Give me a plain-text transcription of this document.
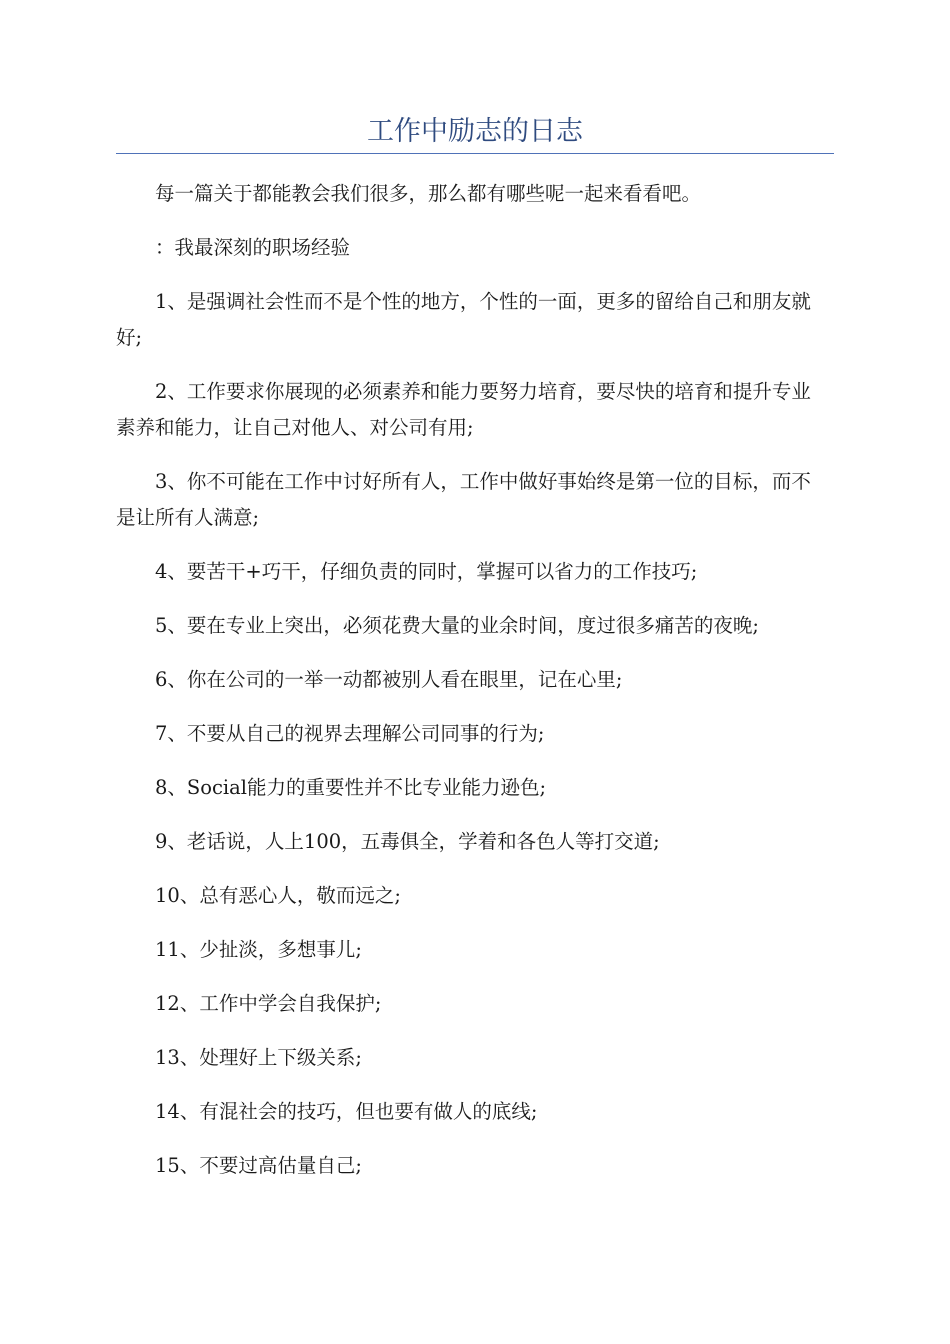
工作中励志的日志

每一篇关于都能教会我们很多，那么都有哪些呢一起来看看吧。

：我最深刻的职场经验

1、是强调社会性而不是个性的地方，个性的一面，更多的留给自己和朋友就好;

2、工作要求你展现的必须素养和能力要努力培育，要尽快的培育和提升专业素养和能力，让自己对他人、对公司有用;

3、你不可能在工作中讨好所有人，工作中做好事始终是第一位的目标，而不是让所有人满意;

4、要苦干+巧干，仔细负责的同时，掌握可以省力的工作技巧;

5、要在专业上突出，必须花费大量的业余时间，度过很多痛苦的夜晚;

6、你在公司的一举一动都被别人看在眼里，记在心里;

7、不要从自己的视界去理解公司同事的行为;

8、Social能力的重要性并不比专业能力逊色;

9、老话说，人上100，五毒俱全，学着和各色人等打交道;

10、总有恶心人，敬而远之;

11、少扯淡，多想事儿;

12、工作中学会自我保护;

13、处理好上下级关系;

14、有混社会的技巧，但也要有做人的底线;

15、不要过高估量自己;
